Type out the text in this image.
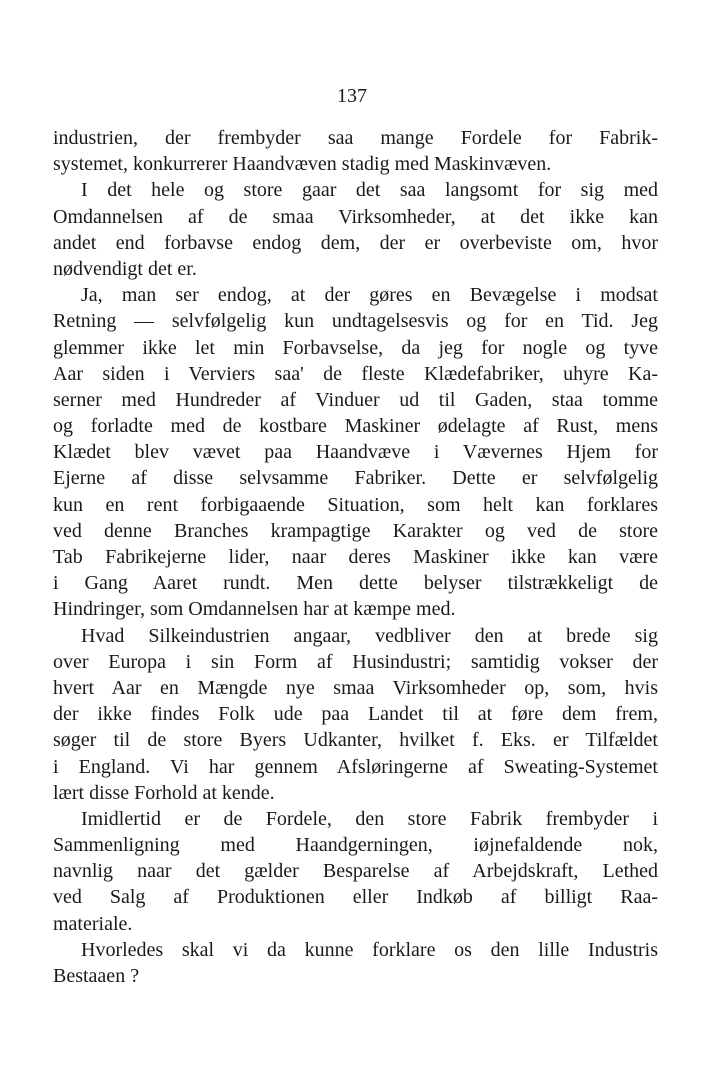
137
industrien, der frembyder saa mange Fordele for Fabrik-
systemet, konkurrerer Haandvæven stadig med Maskinvæven.
I det hele og store gaar det saa langsomt for sig med
Omdannelsen af de smaa Virksomheder, at det ikke kan
andet end forbavse endog dem, der er overbeviste om, hvor
nødvendigt det er.
Ja, man ser endog, at der gøres en Bevægelse i modsat
Retning — selvfølgelig kun undtagelsesvis og for en Tid. Jeg
glemmer ikke let min Forbavselse, da jeg for nogle og tyve
Aar siden i Verviers saa' de fleste Klædefabriker, uhyre Ka-
serner med Hundreder af Vinduer ud til Gaden, staa tomme
og forladte med de kostbare Maskiner ødelagte af Rust, mens
Klædet blev vævet paa Haandvæve i Vævernes Hjem for
Ejerne af disse selvsamme Fabriker. Dette er selvfølgelig
kun en rent forbigaaende Situation, som helt kan forklares
ved denne Branches krampagtige Karakter og ved de store
Tab Fabrikejerne lider, naar deres Maskiner ikke kan være
i Gang Aaret rundt. Men dette belyser tilstrækkeligt de
Hindringer, som Omdannelsen har at kæmpe med.
Hvad Silkeindustrien angaar, vedbliver den at brede sig
over Europa i sin Form af Husindustri; samtidig vokser der
hvert Aar en Mængde nye smaa Virksomheder op, som, hvis
der ikke findes Folk ude paa Landet til at føre dem frem,
søger til de store Byers Udkanter, hvilket f. Eks. er Tilfældet
i England. Vi har gennem Afsløringerne af Sweating-Systemet
lært disse Forhold at kende.
Imidlertid er de Fordele, den store Fabrik frembyder i
Sammenligning med Haandgerningen, iøjnefaldende nok,
navnlig naar det gælder Besparelse af Arbejdskraft, Lethed
ved Salg af Produktionen eller Indkøb af billigt Raa-
materiale.
Hvorledes skal vi da kunne forklare os den lille Industris
Bestaaen ?
